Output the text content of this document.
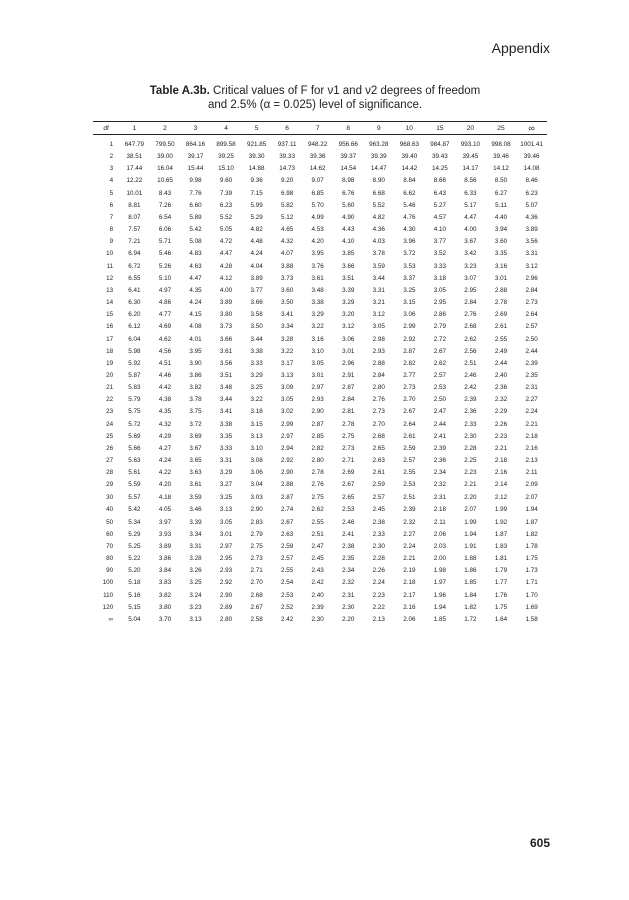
Appendix
Table A.3b. Critical values of F for ν1 and ν2 degrees of freedom
and 2.5% (α = 0.025) level of significance.
df	1	2	3	4	5	6	7	8	9	10	15	20	25	∞
1	647.79	799.50	864.16	899.58	921.85	937.11	948.22	956.66	963.28	968.63	984.87	993.10	998.08	1001.41
2	38.51	39.00	39.17	39.25	39.30	39.33	39.36	39.37	39.39	39.40	39.43	39.45	39.46	39.46
3	17.44	16.04	15.44	15.10	14.88	14.73	14.62	14.54	14.47	14.42	14.25	14.17	14.12	14.08
4	12.22	10.65	9.98	9.60	9.36	9.20	9.07	8.98	8.90	8.84	8.66	8.56	8.50	8.46
5	10.01	8.43	7.76	7.39	7.15	6.98	6.85	6.76	6.68	6.62	6.43	6.33	6.27	6.23
6	8.81	7.26	6.60	6.23	5.99	5.82	5.70	5.60	5.52	5.46	5.27	5.17	5.11	5.07
7	8.07	6.54	5.89	5.52	5.29	5.12	4.99	4.90	4.82	4.76	4.57	4.47	4.40	4.36
8	7.57	6.06	5.42	5.05	4.82	4.65	4.53	4.43	4.36	4.30	4.10	4.00	3.94	3.89
9	7.21	5.71	5.08	4.72	4.48	4.32	4.20	4.10	4.03	3.96	3.77	3.67	3.60	3.56
10	6.94	5.46	4.83	4.47	4.24	4.07	3.95	3.85	3.78	3.72	3.52	3.42	3.35	3.31
11	6.72	5.26	4.63	4.28	4.04	3.88	3.76	3.66	3.59	3.53	3.33	3.23	3.16	3.12
12	6.55	5.10	4.47	4.12	3.89	3.73	3.61	3.51	3.44	3.37	3.18	3.07	3.01	2.96
13	6.41	4.97	4.35	4.00	3.77	3.60	3.48	3.39	3.31	3.25	3.05	2.95	2.88	2.84
14	6.30	4.86	4.24	3.89	3.66	3.50	3.38	3.29	3.21	3.15	2.95	2.84	2.78	2.73
15	6.20	4.77	4.15	3.80	3.58	3.41	3.29	3.20	3.12	3.06	2.86	2.76	2.69	2.64
16	6.12	4.69	4.08	3.73	3.50	3.34	3.22	3.12	3.05	2.99	2.79	2.68	2.61	2.57
17	6.04	4.62	4.01	3.66	3.44	3.28	3.16	3.06	2.98	2.92	2.72	2.62	2.55	2.50
18	5.98	4.56	3.95	3.61	3.38	3.22	3.10	3.01	2.93	2.87	2.67	2.56	2.49	2.44
19	5.92	4.51	3.90	3.56	3.33	3.17	3.05	2.96	2.88	2.82	2.62	2.51	2.44	2.39
20	5.87	4.46	3.86	3.51	3.29	3.13	3.01	2.91	2.84	2.77	2.57	2.46	2.40	2.35
21	5.83	4.42	3.82	3.48	3.25	3.09	2.97	2.87	2.80	2.73	2.53	2.42	2.36	2.31
22	5.79	4.38	3.78	3.44	3.22	3.05	2.93	2.84	2.76	2.70	2.50	2.39	2.32	2.27
23	5.75	4.35	3.75	3.41	3.18	3.02	2.90	2.81	2.73	2.67	2.47	2.36	2.29	2.24
24	5.72	4.32	3.72	3.38	3.15	2.99	2.87	2.78	2.70	2.64	2.44	2.33	2.26	2.21
25	5.69	4.29	3.69	3.35	3.13	2.97	2.85	2.75	2.68	2.61	2.41	2.30	2.23	2.18
26	5.66	4.27	3.67	3.33	3.10	2.94	2.82	2.73	2.65	2.59	2.39	2.28	2.21	2.16
27	5.63	4.24	3.65	3.31	3.08	2.92	2.80	2.71	2.63	2.57	2.36	2.25	2.18	2.13
28	5.61	4.22	3.63	3.29	3.06	2.90	2.78	2.69	2.61	2.55	2.34	2.23	2.16	2.11
29	5.59	4.20	3.61	3.27	3.04	2.88	2.76	2.67	2.59	2.53	2.32	2.21	2.14	2.09
30	5.57	4.18	3.59	3.25	3.03	2.87	2.75	2.65	2.57	2.51	2.31	2.20	2.12	2.07
40	5.42	4.05	3.46	3.13	2.90	2.74	2.62	2.53	2.45	2.39	2.18	2.07	1.99	1.94
50	5.34	3.97	3.39	3.05	2.83	2.67	2.55	2.46	2.38	2.32	2.11	1.99	1.92	1.87
60	5.29	3.93	3.34	3.01	2.79	2.63	2.51	2.41	2.33	2.27	2.06	1.94	1.87	1.82
70	5.25	3.89	3.31	2.97	2.75	2.59	2.47	2.38	2.30	2.24	2.03	1.91	1.83	1.78
80	5.22	3.86	3.28	2.95	2.73	2.57	2.45	2.35	2.28	2.21	2.00	1.88	1.81	1.75
90	5.20	3.84	3.26	2.93	2.71	2.55	2.43	2.34	2.26	2.19	1.98	1.86	1.79	1.73
100	5.18	3.83	3.25	2.92	2.70	2.54	2.42	2.32	2.24	2.18	1.97	1.85	1.77	1.71
110	5.16	3.82	3.24	2.90	2.68	2.53	2.40	2.31	2.23	2.17	1.96	1.84	1.76	1.70
120	5.15	3.80	3.23	2.89	2.67	2.52	2.39	2.30	2.22	2.16	1.94	1.82	1.75	1.69
∞	5.04	3.70	3.13	2.80	2.58	2.42	2.30	2.20	2.13	2.06	1.85	1.72	1.64	1.58
605
